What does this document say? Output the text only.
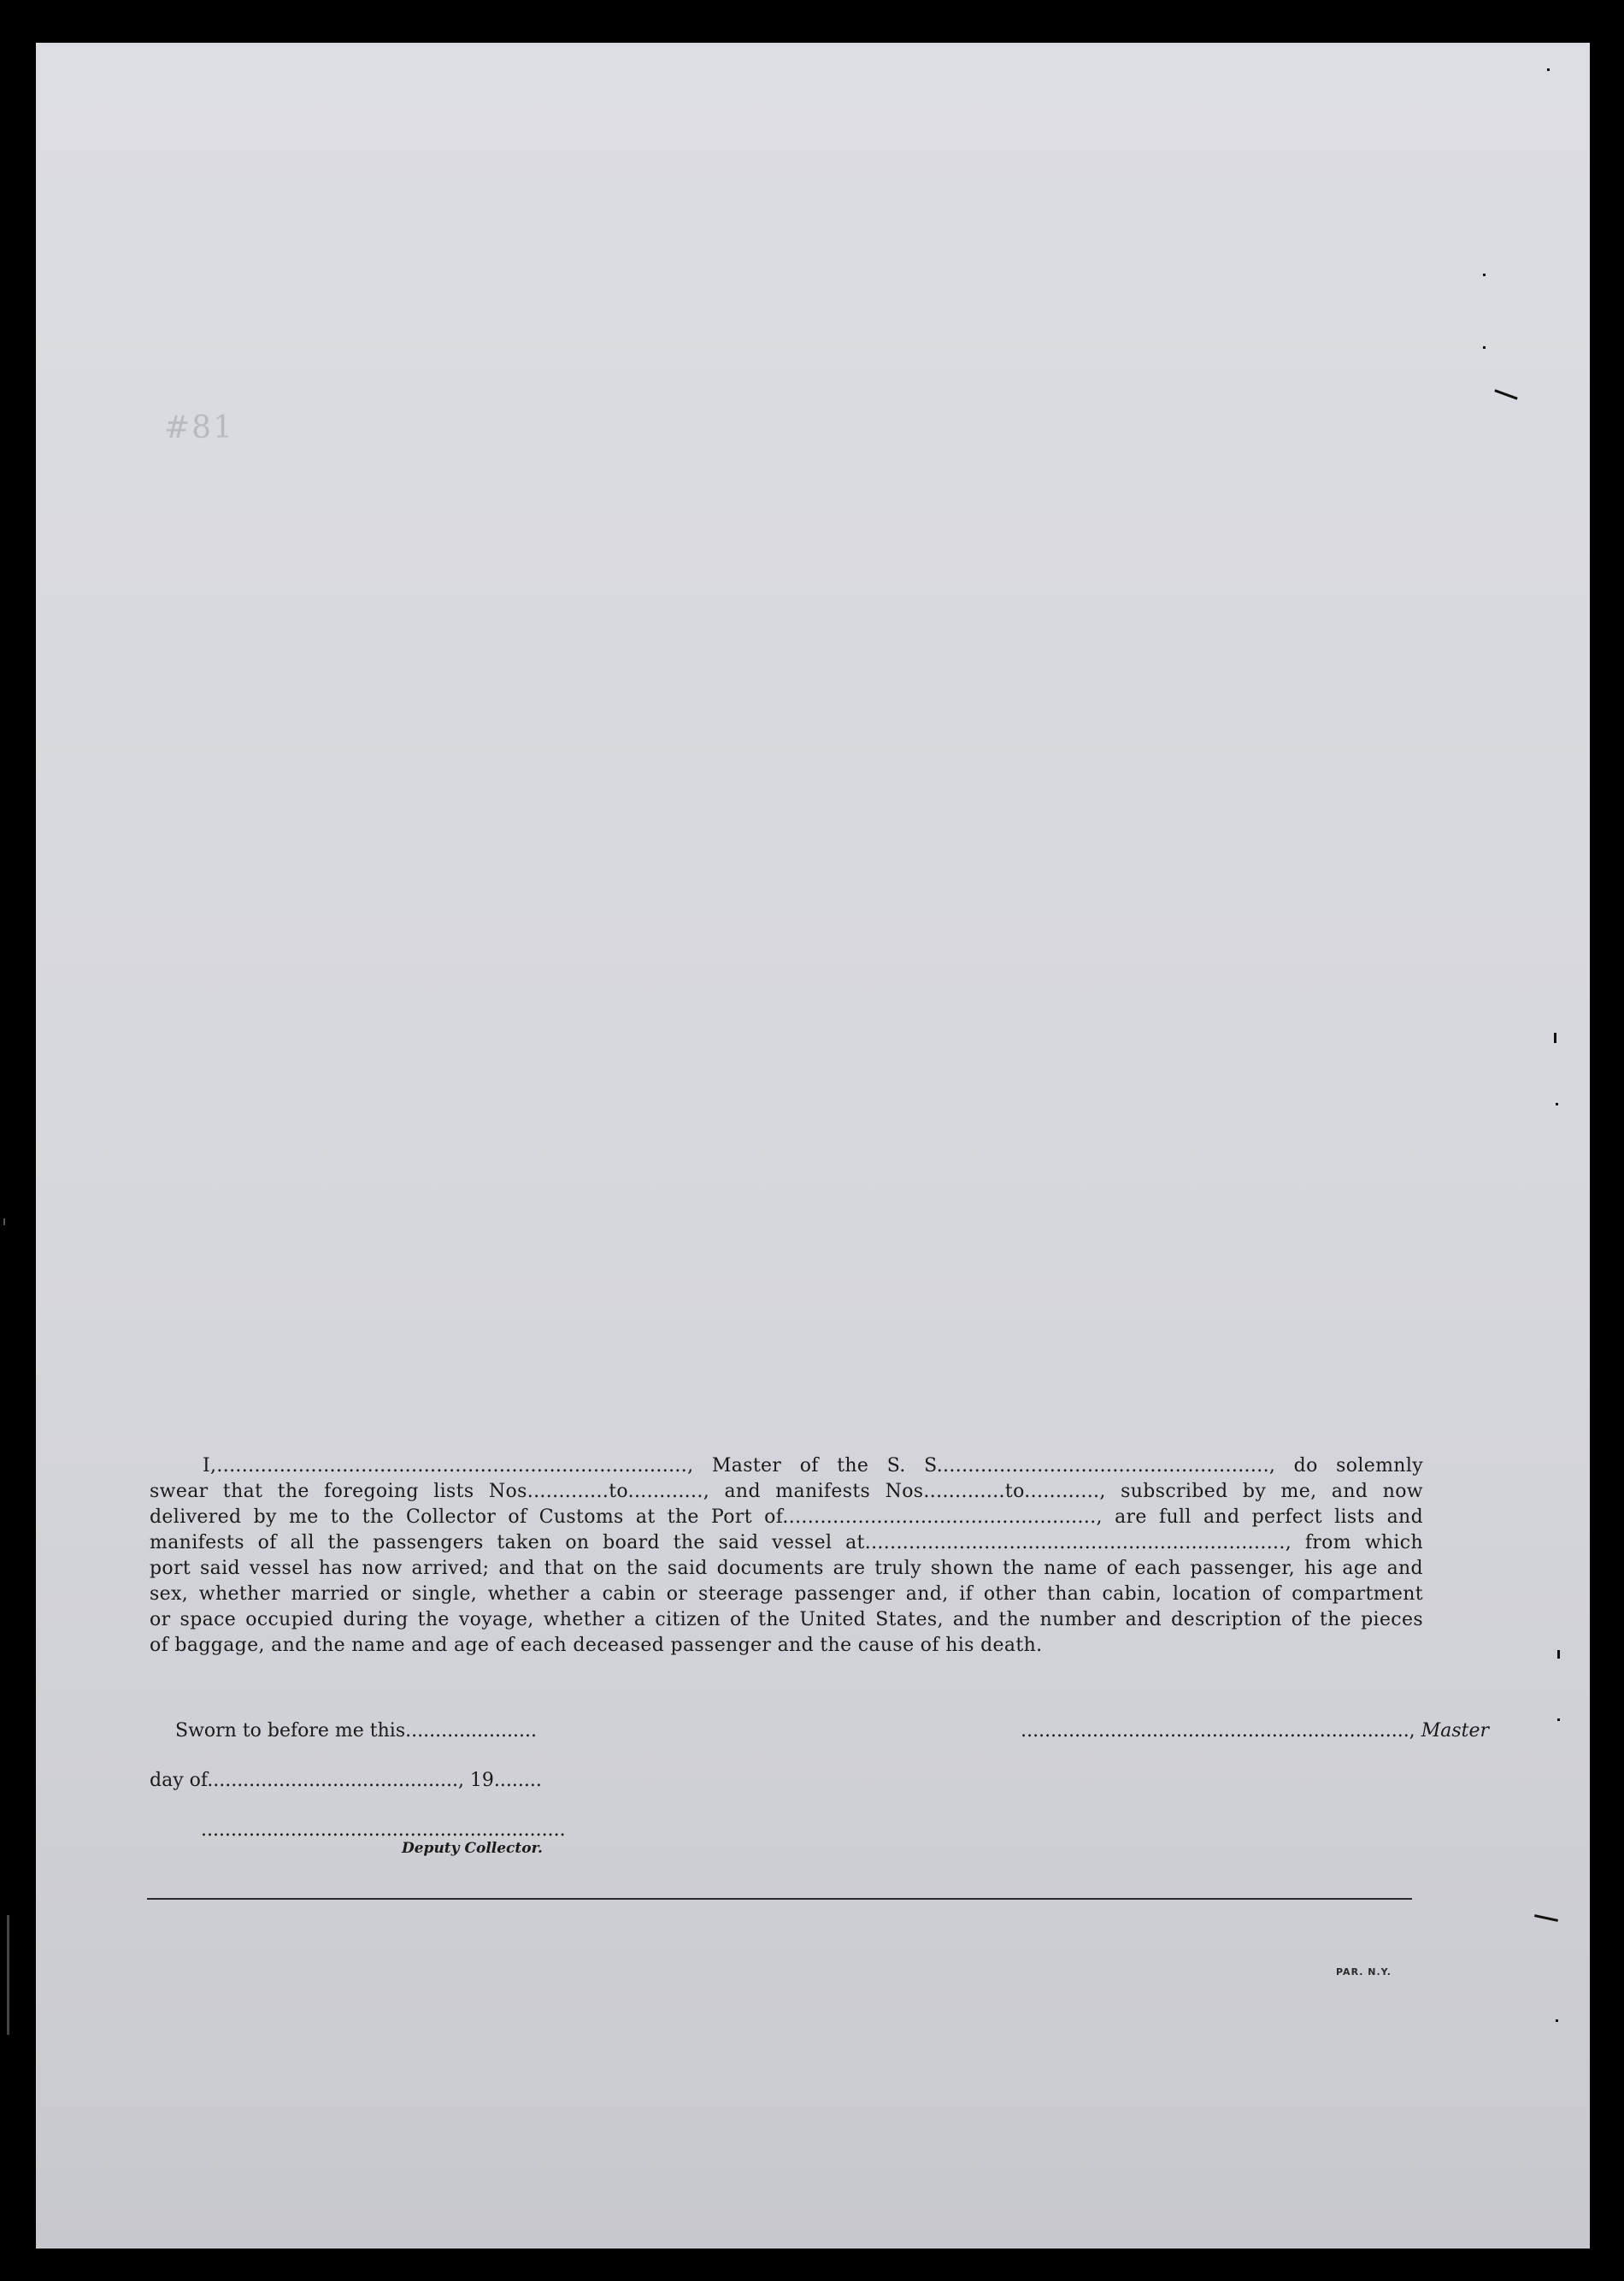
#81
I,..........................................................................., Master of the S. S....................................................., do solemnly
swear that the foregoing lists Nos.............to............, and manifests Nos.............to............, subscribed by me, and now
delivered by me to the Collector of Customs at the Port of.................................................., are full and perfect lists and
manifests of all the passengers taken on board the said vessel at..................................................................., from which
port said vessel has now arrived; and that on the said documents are truly shown the name of each passenger, his age and
sex, whether married or single, whether a cabin or steerage passenger and, if other than cabin, location of compartment
or space occupied during the voyage, whether a citizen of the United States, and the number and description of the pieces
of baggage, and the name and age of each deceased passenger and the cause of his death.
Sworn to before me this......................	................................................................., Master
day of.........................................., 19........
.............................................................
Deputy Collector.
PAR. N.Y.
